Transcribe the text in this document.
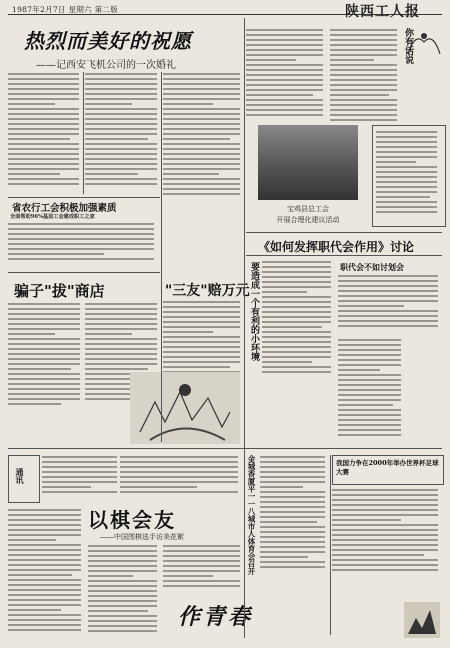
1987年2月7日 星期六 第二版	陕西工人报
热烈而美好的祝愿
——记西安飞机公司的一次婚礼
省农行工会积极加强素质
全面帮助96%基层工会建成职工之家
骗子"拔"商店	"三友"赔万元
你有话说
宝鸡县总工会
开展合理化建议活动
《如何发挥职代会作用》讨论
要造成一个有利的小环境	职代会不如讨划会
通讯
以棋会友
——中国围棋选手访美花絮	金城香厦平一一八城市人体育会召开	我国力争在2000年举办世界杯足球大赛
作青春
